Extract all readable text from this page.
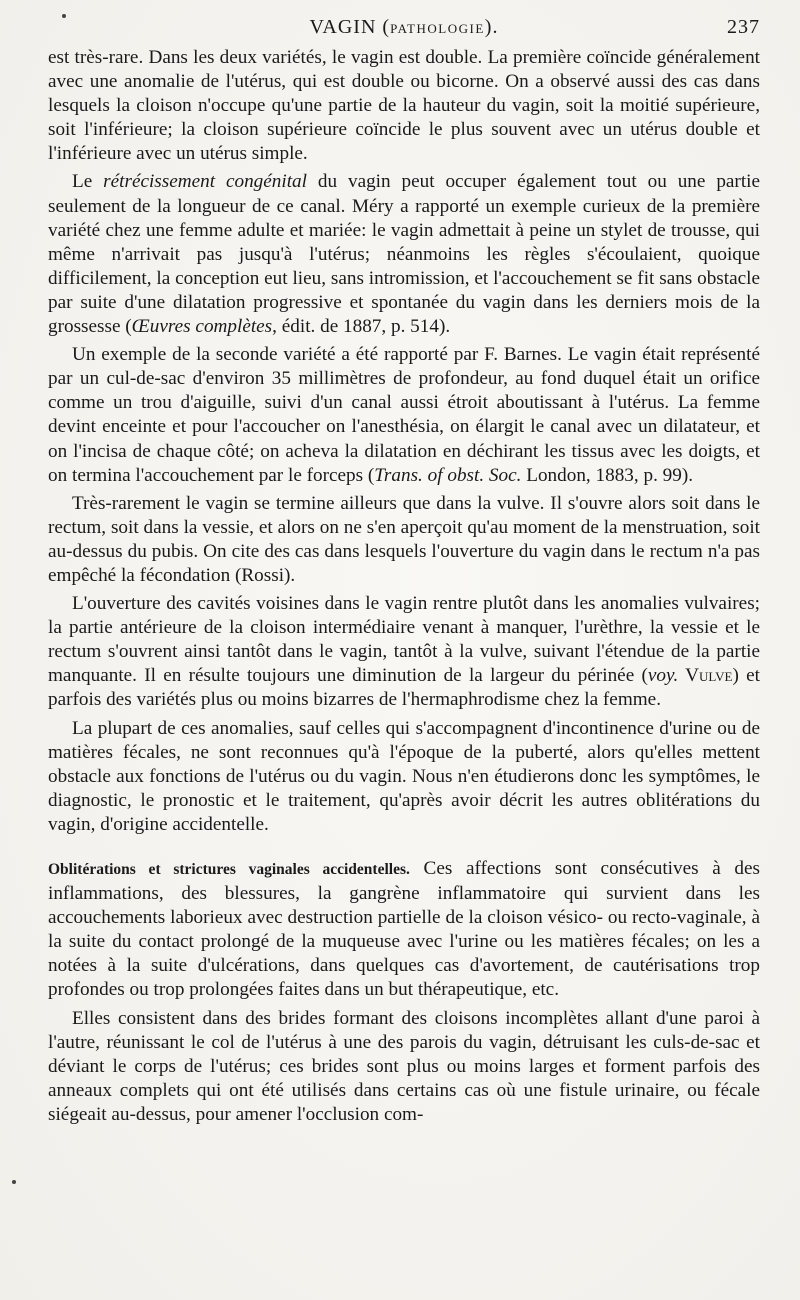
VAGIN (PATHOLOGIE).	237

est très-rare. Dans les deux variétés, le vagin est double. La première coïncide généralement avec une anomalie de l'utérus, qui est double ou bicorne. On a observé aussi des cas dans lesquels la cloison n'occupe qu'une partie de la hauteur du vagin, soit la moitié supérieure, soit l'inférieure; la cloison supérieure coïncide le plus souvent avec un utérus double et l'inférieure avec un utérus simple.

Le rétrécissement congénital du vagin peut occuper également tout ou une partie seulement de la longueur de ce canal. Méry a rapporté un exemple curieux de la première variété chez une femme adulte et mariée: le vagin admettait à peine un stylet de trousse, qui même n'arrivait pas jusqu'à l'utérus; néanmoins les règles s'écoulaient, quoique difficilement, la conception eut lieu, sans intromission, et l'accouchement se fit sans obstacle par suite d'une dilatation progressive et spontanée du vagin dans les derniers mois de la grossesse (Œuvres complètes, édit. de 1887, p. 514).

Un exemple de la seconde variété a été rapporté par F. Barnes. Le vagin était représenté par un cul-de-sac d'environ 35 millimètres de profondeur, au fond duquel était un orifice comme un trou d'aiguille, suivi d'un canal aussi étroit aboutissant à l'utérus. La femme devint enceinte et pour l'accoucher on l'anesthésia, on élargit le canal avec un dilatateur, et on l'incisa de chaque côté; on acheva la dilatation en déchirant les tissus avec les doigts, et on termina l'accouchement par le forceps (Trans. of obst. Soc. London, 1883, p. 99).

Très-rarement le vagin se termine ailleurs que dans la vulve. Il s'ouvre alors soit dans le rectum, soit dans la vessie, et alors on ne s'en aperçoit qu'au moment de la menstruation, soit au-dessus du pubis. On cite des cas dans lesquels l'ouverture du vagin dans le rectum n'a pas empêché la fécondation (Rossi).

L'ouverture des cavités voisines dans le vagin rentre plutôt dans les anomalies vulvaires; la partie antérieure de la cloison intermédiaire venant à manquer, l'urèthre, la vessie et le rectum s'ouvrent ainsi tantôt dans le vagin, tantôt à la vulve, suivant l'étendue de la partie manquante. Il en résulte toujours une diminution de la largeur du périnée (voy. Vulve) et parfois des variétés plus ou moins bizarres de l'hermaphrodisme chez la femme.

La plupart de ces anomalies, sauf celles qui s'accompagnent d'incontinence d'urine ou de matières fécales, ne sont reconnues qu'à l'époque de la puberté, alors qu'elles mettent obstacle aux fonctions de l'utérus ou du vagin. Nous n'en étudierons donc les symptômes, le diagnostic, le pronostic et le traitement, qu'après avoir décrit les autres oblitérations du vagin, d'origine accidentelle.

Oblitérations et strictures vaginales accidentelles. Ces affections sont consécutives à des inflammations, des blessures, la gangrène inflammatoire qui survient dans les accouchements laborieux avec destruction partielle de la cloison vésico- ou recto-vaginale, à la suite du contact prolongé de la muqueuse avec l'urine ou les matières fécales; on les a notées à la suite d'ulcérations, dans quelques cas d'avortement, de cautérisations trop profondes ou trop prolongées faites dans un but thérapeutique, etc.

Elles consistent dans des brides formant des cloisons incomplètes allant d'une paroi à l'autre, réunissant le col de l'utérus à une des parois du vagin, détruisant les culs-de-sac et déviant le corps de l'utérus; ces brides sont plus ou moins larges et forment parfois des anneaux complets qui ont été utilisés dans certains cas où une fistule urinaire, ou fécale siégeait au-dessus, pour amener l'occlusion com-
